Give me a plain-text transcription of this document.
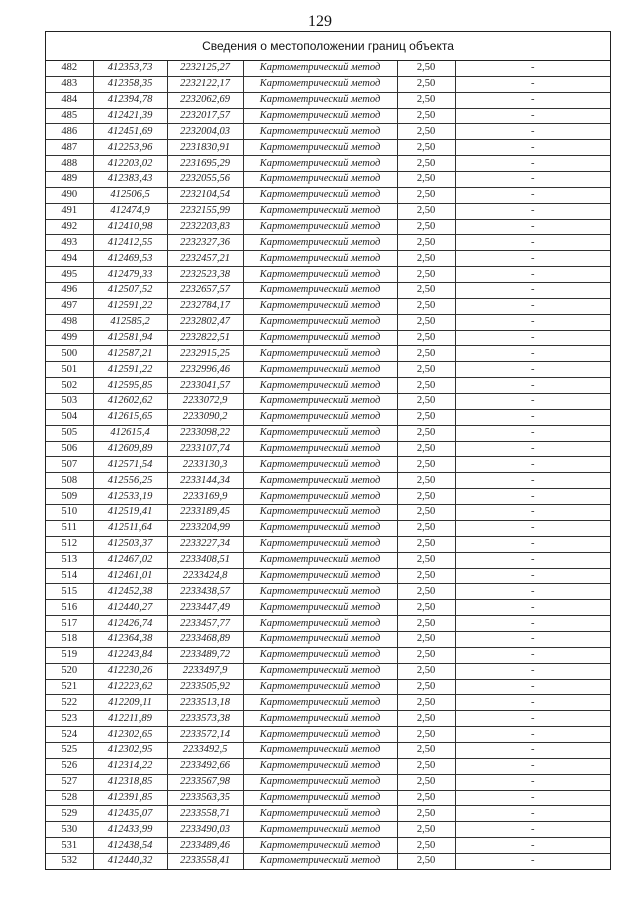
129
Сведения о местоположении границ объекта
482	412353,73	2232125,27	Картометрический метод	2,50	-
483	412358,35	2232122,17	Картометрический метод	2,50	-
484	412394,78	2232062,69	Картометрический метод	2,50	-
485	412421,39	2232017,57	Картометрический метод	2,50	-
486	412451,69	2232004,03	Картометрический метод	2,50	-
487	412253,96	2231830,91	Картометрический метод	2,50	-
488	412203,02	2231695,29	Картометрический метод	2,50	-
489	412383,43	2232055,56	Картометрический метод	2,50	-
490	412506,5	2232104,54	Картометрический метод	2,50	-
491	412474,9	2232155,99	Картометрический метод	2,50	-
492	412410,98	2232203,83	Картометрический метод	2,50	-
493	412412,55	2232327,36	Картометрический метод	2,50	-
494	412469,53	2232457,21	Картометрический метод	2,50	-
495	412479,33	2232523,38	Картометрический метод	2,50	-
496	412507,52	2232657,57	Картометрический метод	2,50	-
497	412591,22	2232784,17	Картометрический метод	2,50	-
498	412585,2	2232802,47	Картометрический метод	2,50	-
499	412581,94	2232822,51	Картометрический метод	2,50	-
500	412587,21	2232915,25	Картометрический метод	2,50	-
501	412591,22	2232996,46	Картометрический метод	2,50	-
502	412595,85	2233041,57	Картометрический метод	2,50	-
503	412602,62	2233072,9	Картометрический метод	2,50	-
504	412615,65	2233090,2	Картометрический метод	2,50	-
505	412615,4	2233098,22	Картометрический метод	2,50	-
506	412609,89	2233107,74	Картометрический метод	2,50	-
507	412571,54	2233130,3	Картометрический метод	2,50	-
508	412556,25	2233144,34	Картометрический метод	2,50	-
509	412533,19	2233169,9	Картометрический метод	2,50	-
510	412519,41	2233189,45	Картометрический метод	2,50	-
511	412511,64	2233204,99	Картометрический метод	2,50	-
512	412503,37	2233227,34	Картометрический метод	2,50	-
513	412467,02	2233408,51	Картометрический метод	2,50	-
514	412461,01	2233424,8	Картометрический метод	2,50	-
515	412452,38	2233438,57	Картометрический метод	2,50	-
516	412440,27	2233447,49	Картометрический метод	2,50	-
517	412426,74	2233457,77	Картометрический метод	2,50	-
518	412364,38	2233468,89	Картометрический метод	2,50	-
519	412243,84	2233489,72	Картометрический метод	2,50	-
520	412230,26	2233497,9	Картометрический метод	2,50	-
521	412223,62	2233505,92	Картометрический метод	2,50	-
522	412209,11	2233513,18	Картометрический метод	2,50	-
523	412211,89	2233573,38	Картометрический метод	2,50	-
524	412302,65	2233572,14	Картометрический метод	2,50	-
525	412302,95	2233492,5	Картометрический метод	2,50	-
526	412314,22	2233492,66	Картометрический метод	2,50	-
527	412318,85	2233567,98	Картометрический метод	2,50	-
528	412391,85	2233563,35	Картометрический метод	2,50	-
529	412435,07	2233558,71	Картометрический метод	2,50	-
530	412433,99	2233490,03	Картометрический метод	2,50	-
531	412438,54	2233489,46	Картометрический метод	2,50	-
532	412440,32	2233558,41	Картометрический метод	2,50	-
